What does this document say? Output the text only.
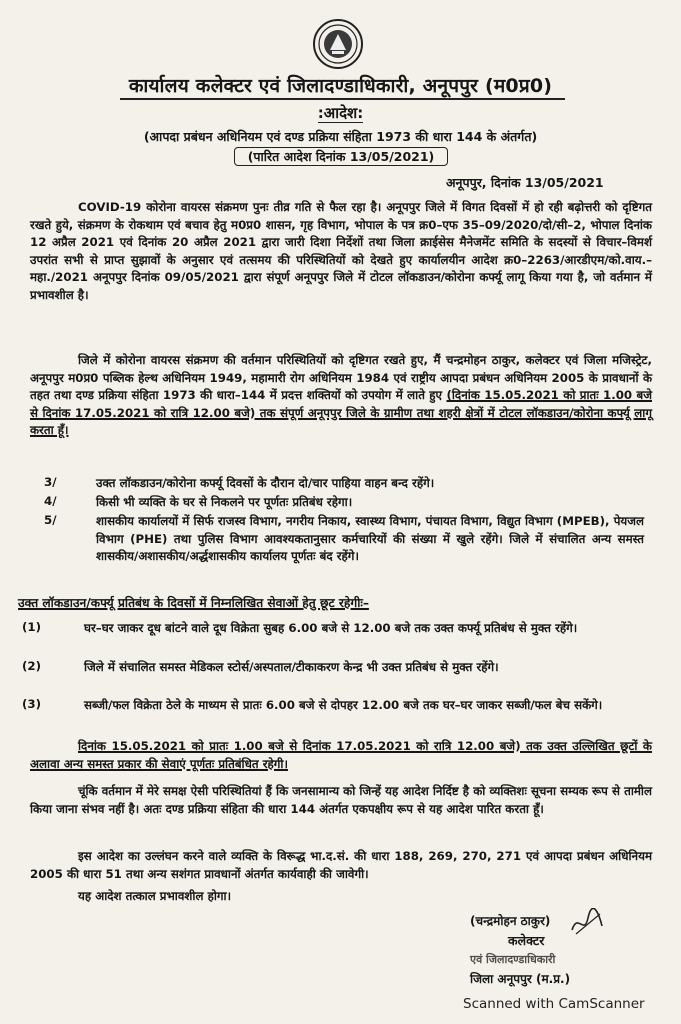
कार्यालय कलेक्टर एवं जिलादण्डाधिकारी, अनूपपुर (म0प्र0)
:आदेश:
(आपदा प्रबंधन अधिनियम एवं दण्ड प्रक्रिया संहिता 1973 की धारा 144 के अंतर्गत)
(पारित आदेश दिनांक 13/05/2021)
अनूपपुर, दिनांक 13/05/2021
COVID-19 कोरोना वायरस संक्रमण पुनः तीव्र गति से फैल रहा है। अनूपपुर जिले में विगत दिवसों में हो रही बढ़ोत्तरी को दृष्टिगत रखते हुये, संक्रमण के रोकथाम एवं बचाव हेतु म0प्र0 शासन, गृह विभाग, भोपाल के पत्र क्र0–एफ 35–09/2020/दो/सी–2, भोपाल दिनांक 12 अप्रैल 2021 एवं दिनांक 20 अप्रैल 2021 द्वारा जारी दिशा निर्देशों तथा जिला क्राईसेस मैनेजमेंट समिति के सदस्यों से विचार–विमर्श उपरांत सभी से प्राप्त सुझावों के अनुसार एवं तत्समय की परिस्थितियों को देखते हुए कार्यालयीन आदेश क्र0–2263/आरडीएम/को.वाय.–महा./2021 अनूपपुर दिनांक 09/05/2021 द्वारा संपूर्ण अनूपपुर जिले में टोटल लॉकडाउन/कोरोना कर्फ्यू लागू किया गया है, जो वर्तमान में प्रभावशील है।
जिले में कोरोना वायरस संक्रमण की वर्तमान परिस्थितियों को दृष्टिगत रखते हुए, मैं चन्द्रमोहन ठाकुर, कलेक्टर एवं जिला मजिस्ट्रेट, अनूपपुर म0प्र0 पब्लिक हेल्थ अधिनियम 1949, महामारी रोग अधिनियम 1984 एवं राष्ट्रीय आपदा प्रबंधन अधिनियम 2005 के प्रावधानों के तहत तथा दण्ड प्रक्रिया संहिता 1973 की धारा–144 में प्रदत्त शक्तियों को उपयोग में लाते हुए (दिनांक 15.05.2021 को प्रातः 1.00 बजे से दिनांक 17.05.2021 को रात्रि 12.00 बजे) तक संपूर्ण अनूपपुर जिले के ग्रामीण तथा शहरी क्षेत्रों में टोटल लॉकडाउन/कोरोना कर्फ्यू लागू करता हूँ।
3/	उक्त लॉकडाउन/कोरोना कर्फ्यू दिवसों के दौरान दो/चार पाहिया वाहन बन्द रहेंगे।
4/	किसी भी व्यक्ति के घर से निकलने पर पूर्णतः प्रतिबंध रहेगा।
5/	शासकीय कार्यालयों में सिर्फ राजस्व विभाग, नगरीय निकाय, स्वास्थ्य विभाग, पंचायत विभाग, विद्युत विभाग (MPEB), पेयजल विभाग (PHE) तथा पुलिस विभाग आवश्यकतानुसार कर्मचारियों की संख्या में खुले रहेंगे। जिले में संचालित अन्य समस्त शासकीय/अशासकीय/अर्द्धशासकीय कार्यालय पूर्णतः बंद रहेंगे।
उक्त लॉकडाउन/कर्फ्यू प्रतिबंध के दिवसों में निम्नलिखित सेवाओं हेतु छूट रहेगीः–
(1)	घर–घर जाकर दूध बांटने वाले दूध विक्रेता सुबह 6.00 बजे से 12.00 बजे तक उक्त कर्फ्यू प्रतिबंध से मुक्त रहेंगे।
(2)	जिले में संचालित समस्त मेडिकल स्टोर्स/अस्पताल/टीकाकरण केन्द्र भी उक्त प्रतिबंध से मुक्त रहेंगे।
(3)	सब्जी/फल विक्रेता ठेले के माध्यम से प्रातः 6.00 बजे से दोपहर 12.00 बजे तक घर–घर जाकर सब्जी/फल बेच सकेंगे।
दिनांक 15.05.2021 को प्रातः 1.00 बजे से दिनांक 17.05.2021 को रात्रि 12.00 बजे) तक उक्त उल्लिखित छूटों के अलावा अन्य समस्त प्रकार की सेवाएं पूर्णतः प्रतिबंधित रहेगी।
चूंकि वर्तमान में मेरे समक्ष ऐसी परिस्थितियां हैं कि जनसामान्य को जिन्हें यह आदेश निर्दिष्ट है को व्यक्तिशः सूचना सम्यक रूप से तामील किया जाना संभव नहीं है। अतः दण्ड प्रक्रिया संहिता की धारा 144 अंतर्गत एकपक्षीय रूप से यह आदेश पारित करता हूँ।
इस आदेश का उल्लंघन करने वाले व्यक्ति के विरूद्ध भा.द.सं. की धारा 188, 269, 270, 271 एवं आपदा प्रबंधन अधिनियम 2005 की धारा 51 तथा अन्य सशंगत प्रावधानों अंतर्गत कार्यवाही की जावेगी।
यह आदेश तत्काल प्रभावशील होगा।
(चन्द्रमोहन ठाकुर)
कलेक्टर
एवं जिलादण्डाधिकारी
जिला अनूपपुर (म.प्र.)
Scanned with CamScanner
